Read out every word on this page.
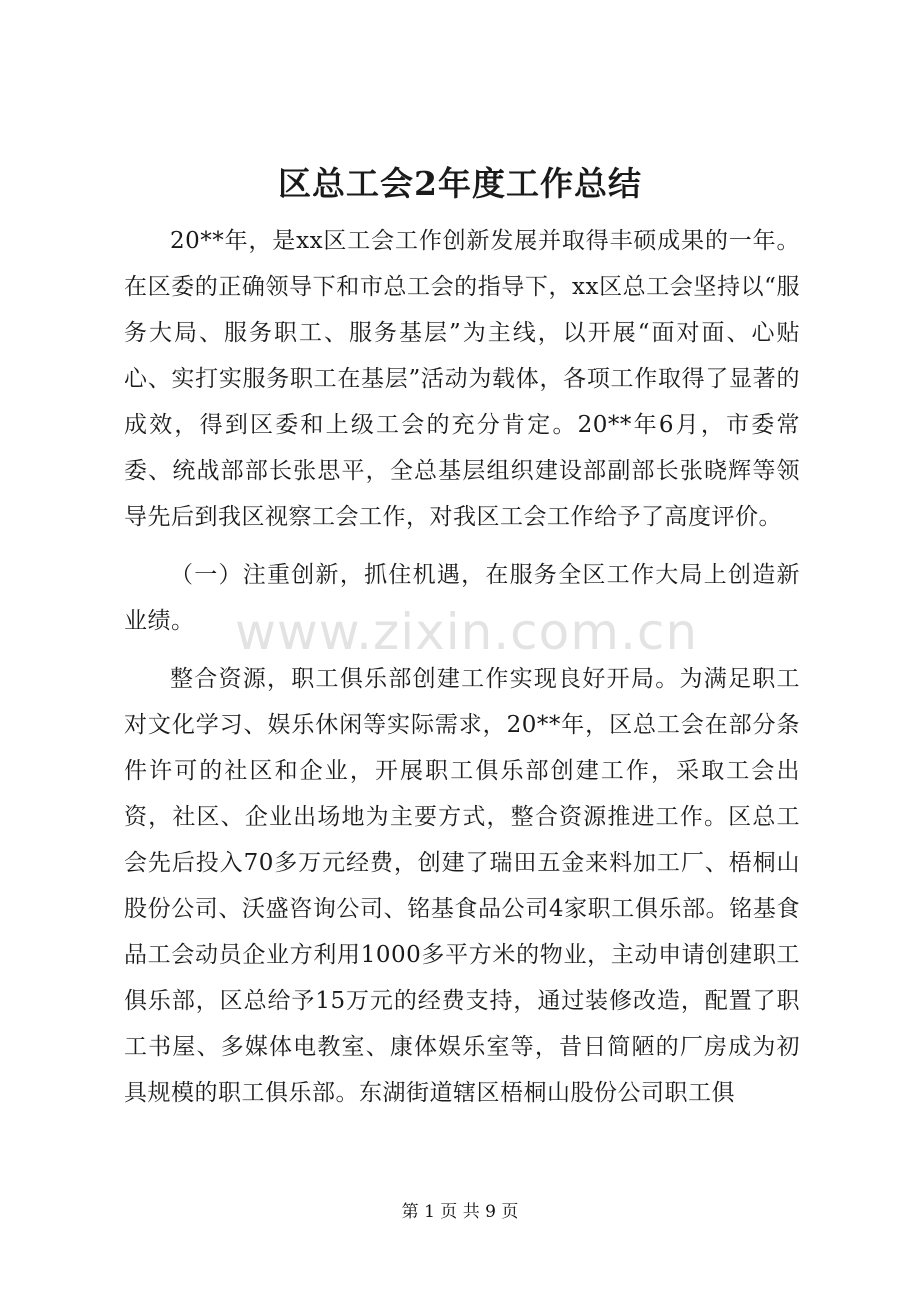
区总工会2年度工作总结

20**年，是xx区工会工作创新发展并取得丰硕成果的一年。在区委的正确领导下和市总工会的指导下，xx区总工会坚持以“服务大局、服务职工、服务基层”为主线，以开展“面对面、心贴心、实打实服务职工在基层”活动为载体，各项工作取得了显著的成效，得到区委和上级工会的充分肯定。20**年6月，市委常委、统战部部长张思平，全总基层组织建设部副部长张晓辉等领导先后到我区视察工会工作，对我区工会工作给予了高度评价。

（一）注重创新，抓住机遇，在服务全区工作大局上创造新业绩。

整合资源，职工俱乐部创建工作实现良好开局。为满足职工对文化学习、娱乐休闲等实际需求，20**年，区总工会在部分条件许可的社区和企业，开展职工俱乐部创建工作，采取工会出资，社区、企业出场地为主要方式，整合资源推进工作。区总工会先后投入70多万元经费，创建了瑞田五金来料加工厂、梧桐山股份公司、沃盛咨询公司、铭基食品公司4家职工俱乐部。铭基食品工会动员企业方利用1000多平方米的物业，主动申请创建职工俱乐部，区总给予15万元的经费支持，通过装修改造，配置了职工书屋、多媒体电教室、康体娱乐室等，昔日简陋的厂房成为初具规模的职工俱乐部。东湖街道辖区梧桐山股份公司职工俱

www.zixin.com.cn
第 1 页 共 9 页
